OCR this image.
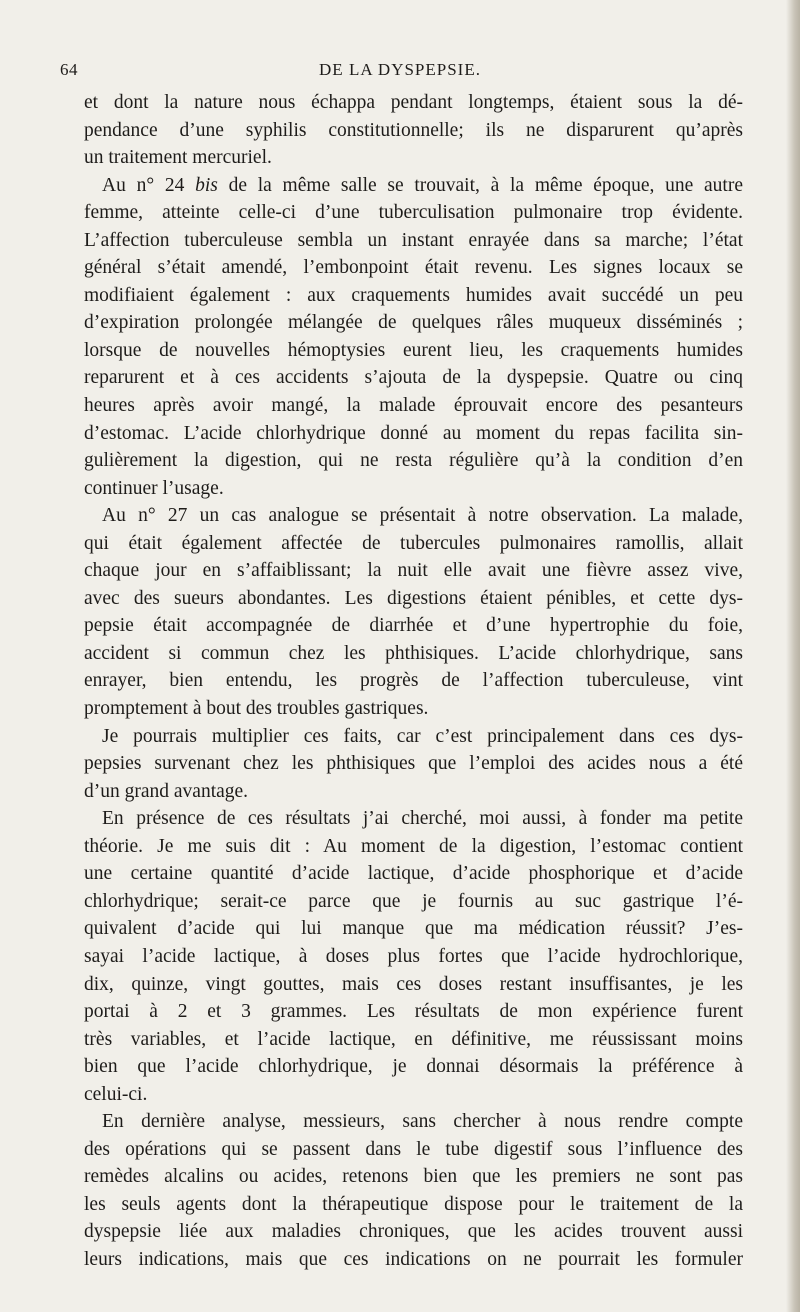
64	DE LA DYSPEPSIE.
et dont la nature nous échappa pendant longtemps, étaient sous la dé-
pendance d’une syphilis constitutionnelle; ils ne disparurent qu’après
un traitement mercuriel.
Au n° 24 bis de la même salle se trouvait, à la même époque, une autre
femme, atteinte celle-ci d’une tuberculisation pulmonaire trop évidente.
L’affection tuberculeuse sembla un instant enrayée dans sa marche; l’état
général s’était amendé, l’embonpoint était revenu. Les signes locaux se
modifiaient également : aux craquements humides avait succédé un peu
d’expiration prolongée mélangée de quelques râles muqueux disséminés ;
lorsque de nouvelles hémoptysies eurent lieu, les craquements humides
reparurent et à ces accidents s’ajouta de la dyspepsie. Quatre ou cinq
heures après avoir mangé, la malade éprouvait encore des pesanteurs
d’estomac. L’acide chlorhydrique donné au moment du repas facilita sin-
gulièrement la digestion, qui ne resta régulière qu’à la condition d’en
continuer l’usage.
Au n° 27 un cas analogue se présentait à notre observation. La malade,
qui était également affectée de tubercules pulmonaires ramollis, allait
chaque jour en s’affaiblissant; la nuit elle avait une fièvre assez vive,
avec des sueurs abondantes. Les digestions étaient pénibles, et cette dys-
pepsie était accompagnée de diarrhée et d’une hypertrophie du foie,
accident si commun chez les phthisiques. L’acide chlorhydrique, sans
enrayer, bien entendu, les progrès de l’affection tuberculeuse, vint
promptement à bout des troubles gastriques.
Je pourrais multiplier ces faits, car c’est principalement dans ces dys-
pepsies survenant chez les phthisiques que l’emploi des acides nous a été
d’un grand avantage.
En présence de ces résultats j’ai cherché, moi aussi, à fonder ma petite
théorie. Je me suis dit : Au moment de la digestion, l’estomac contient
une certaine quantité d’acide lactique, d’acide phosphorique et d’acide
chlorhydrique; serait-ce parce que je fournis au suc gastrique l’é-
quivalent d’acide qui lui manque que ma médication réussit? J’es-
sayai l’acide lactique, à doses plus fortes que l’acide hydrochlorique,
dix, quinze, vingt gouttes, mais ces doses restant insuffisantes, je les
portai à 2 et 3 grammes. Les résultats de mon expérience furent
très variables, et l’acide lactique, en définitive, me réussissant moins
bien que l’acide chlorhydrique, je donnai désormais la préférence à
celui-ci.
En dernière analyse, messieurs, sans chercher à nous rendre compte
des opérations qui se passent dans le tube digestif sous l’influence des
remèdes alcalins ou acides, retenons bien que les premiers ne sont pas
les seuls agents dont la thérapeutique dispose pour le traitement de la
dyspepsie liée aux maladies chroniques, que les acides trouvent aussi
leurs indications, mais que ces indications on ne pourrait les formuler
